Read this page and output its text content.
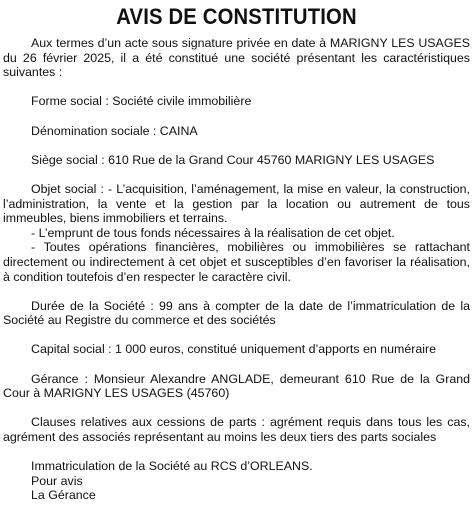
AVIS DE CONSTITUTION

Aux termes d’un acte sous signature privée en date à MARIGNY LES USAGES du 26 février 2025, il a été constitué une société présentant les caractéristiques suivantes :

Forme social : Société civile immobilière

Dénomination sociale : CAINA

Siège social : 610 Rue de la Grand Cour 45760 MARIGNY LES USAGES

Objet social : - L’acquisition, l’aménagement, la mise en valeur, la construction, l’administration, la vente et la gestion par la location ou autrement de tous immeubles, biens immobiliers et terrains.

- L’emprunt de tous fonds nécessaires à la réalisation de cet objet.

- Toutes opérations financières, mobilières ou immobilières se rattachant directement ou indirectement à cet objet et susceptibles d’en favoriser la réalisation, à condition toutefois d’en respecter le caractère civil.

Durée de la Société : 99 ans à compter de la date de l’immatriculation de la Société au Registre du commerce et des sociétés

Capital social : 1 000 euros, constitué uniquement d’apports en numéraire

Gérance : Monsieur Alexandre ANGLADE, demeurant 610 Rue de la Grand Cour à MARIGNY LES USAGES (45760)

Clauses relatives aux cessions de parts : agrément requis dans tous les cas, agrément des associés représentant au moins les deux tiers des parts sociales

Immatriculation de la Société au RCS d’ORLEANS.

Pour avis

La Gérance
